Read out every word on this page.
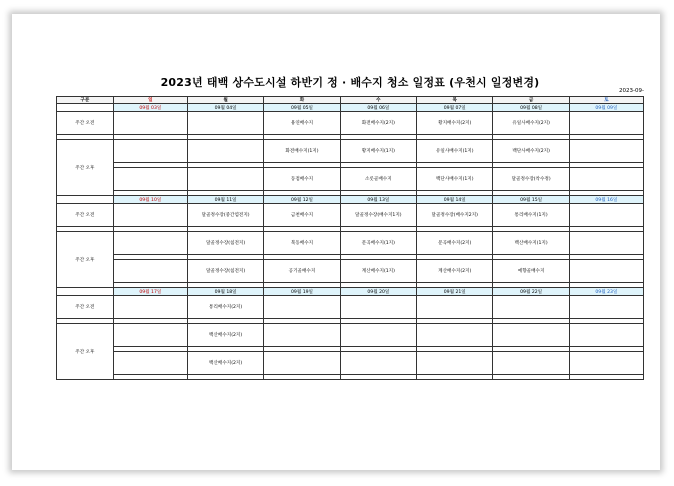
2023년 태백 상수도시설 하반기 정 · 배수지 청소 일정표 (우천시 일정변경)
2023-09-
구분	일	월	화	수	목	금	토
	09월 03일	09월 04일	09월 05일	09월 06일	09월 07일	09월 08일	09월 09일
주간 오전			용연배수지	화전배수지(2지)	황지배수지(2지)	유일사배수지(2지)	

주간 오후			화전배수지(1지)	황지배수지(1지)	유일사배수지(1지)	백단사배수지(2지)	

			동점배수지	소롯골배수지	백단사배수지(1지)	달골정수장(착수정)	

	09월 10일	09월 11일	09월 12일	09월 13일	09월 14일	09월 15일	09월 16일
주간 오전		달골정수장(중간염전지)	금천배수지	달골정수장(배수지1지)	달골정수장(배수지2지)	통리배수지(1지)	

주간 오후		달골정수장(침전지)	북동배수지	문곡배수지(1지)	문곡배수지(2지)	백산배수지(1지)	

		달골정수장(침전지)	공기골배수지	계산배수지(1지)	계산배수지(2지)	예향골배수지	

	09월 17일	09월 18일	09월 19일	09월 20일	09월 21일	09월 22일	09월 23일
주간 오전		통리배수지(2지)					

주간 오후		백산배수지(2지)					

		백산배수지(2지)					
